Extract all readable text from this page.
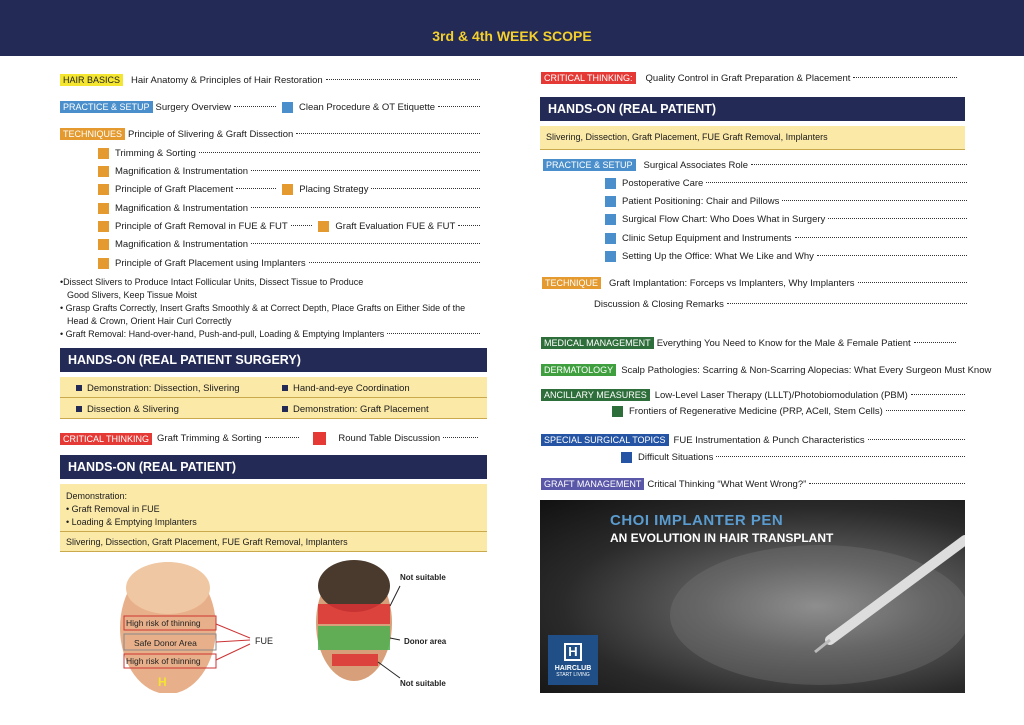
3rd & 4th WEEK SCOPE
HAIR BASICS	Hair Anatomy & Principles of Hair Restoration
PRACTICE & SETUP Surgery Overview	Clean Procedure & OT Etiquette
TECHNIQUES Principle of Slivering & Graft Dissection
Trimming & Sorting
Magnification & Instrumentation
Principle of Graft Placement	Placing Strategy
Magnification & Instrumentation
Principle of Graft Removal in FUE & FUT	Graft Evaluation FUE & FUT
Magnification & Instrumentation
Principle of Graft Placement using Implanters
•Dissect Slivers to Produce Intact Follicular Units, Dissect Tissue to Produce
Good Slivers, Keep Tissue Moist
• Grasp Grafts Correctly, Insert Grafts Smoothly & at Correct Depth, Place Grafts on Either Side of the
Head & Crown, Orient Hair Curl Correctly
• Graft Removal: Hand-over-hand, Push-and-pull, Loading & Emptying Implanters
HANDS-ON (REAL PATIENT SURGERY)
Demonstration: Dissection, Slivering	Hand-and-eye Coordination
Dissection & Slivering	Demonstration: Graft Placement
CRITICAL THINKING Graft Trimming & Sorting	Round Table Discussion
HANDS-ON (REAL PATIENT)
Demonstration:
• Graft Removal in FUE
• Loading & Emptying Implanters
Slivering, Dissection, Graft Placement, FUE Graft Removal, Implanters
High risk of thinning
Safe Donor Area
High risk of thinning
FUE
H
Not suitable
Donor area
Not suitable
CRITICAL THINKING:	Quality Control in Graft Preparation & Placement
HANDS-ON (REAL PATIENT)
Slivering, Dissection, Graft Placement, FUE Graft Removal, Implanters
PRACTICE & SETUP	Surgical Associates Role
Postoperative Care
Patient Positioning: Chair and Pillows
Surgical Flow Chart: Who Does What in Surgery
Clinic Setup Equipment and Instruments
Setting Up the Office: What We Like and Why
TECHNIQUE	Graft Implantation: Forceps vs Implanters, Why Implanters
Discussion & Closing Remarks
MEDICAL MANAGEMENT Everything You Need to Know for the Male & Female Patient
DERMATOLOGY Scalp Pathologies: Scarring & Non-Scarring Alopecias: What Every Surgeon Must Know
ANCILLARY MEASURES Low-Level Laser Therapy (LLLT)/Photobiomodulation (PBM)
Frontiers of Regenerative Medicine (PRP, ACell, Stem Cells)
SPECIAL SURGICAL TOPICS FUE Instrumentation & Punch Characteristics
Difficult Situations
GRAFT MANAGEMENT Critical Thinking “What Went Wrong?”
CHOI IMPLANTER PEN
AN EVOLUTION IN HAIR TRANSPLANT
H
HAIRCLUB
START LIVING
